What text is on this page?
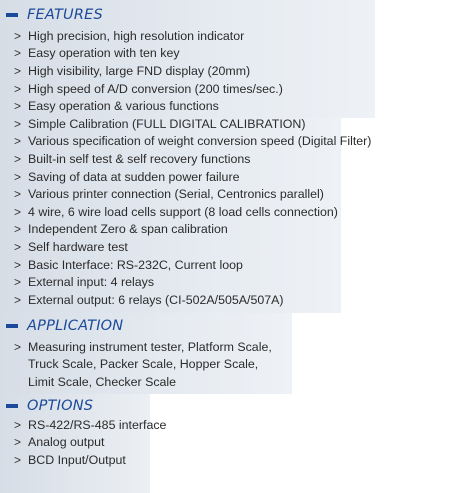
FEATURES
> High precision, high resolution indicator
> Easy operation with ten key
> High visibility, large FND display (20mm)
> High speed of A/D conversion (200 times/sec.)
> Easy operation & various functions
> Simple Calibration (FULL DIGITAL CALIBRATION)
> Various specification of weight conversion speed (Digital Filter)
> Built-in self test & self recovery functions
> Saving of data at sudden power failure
> Various printer connection (Serial, Centronics parallel)
> 4 wire, 6 wire load cells support (8 load cells connection)
> Independent Zero & span calibration
> Self hardware test
> Basic Interface: RS-232C, Current loop
> External input: 4 relays
> External output: 6 relays (CI-502A/505A/507A)
APPLICATION
> Measuring instrument tester, Platform Scale,
Truck Scale, Packer Scale, Hopper Scale,
Limit Scale, Checker Scale
OPTIONS
> RS-422/RS-485 interface
> Analog output
> BCD Input/Output
